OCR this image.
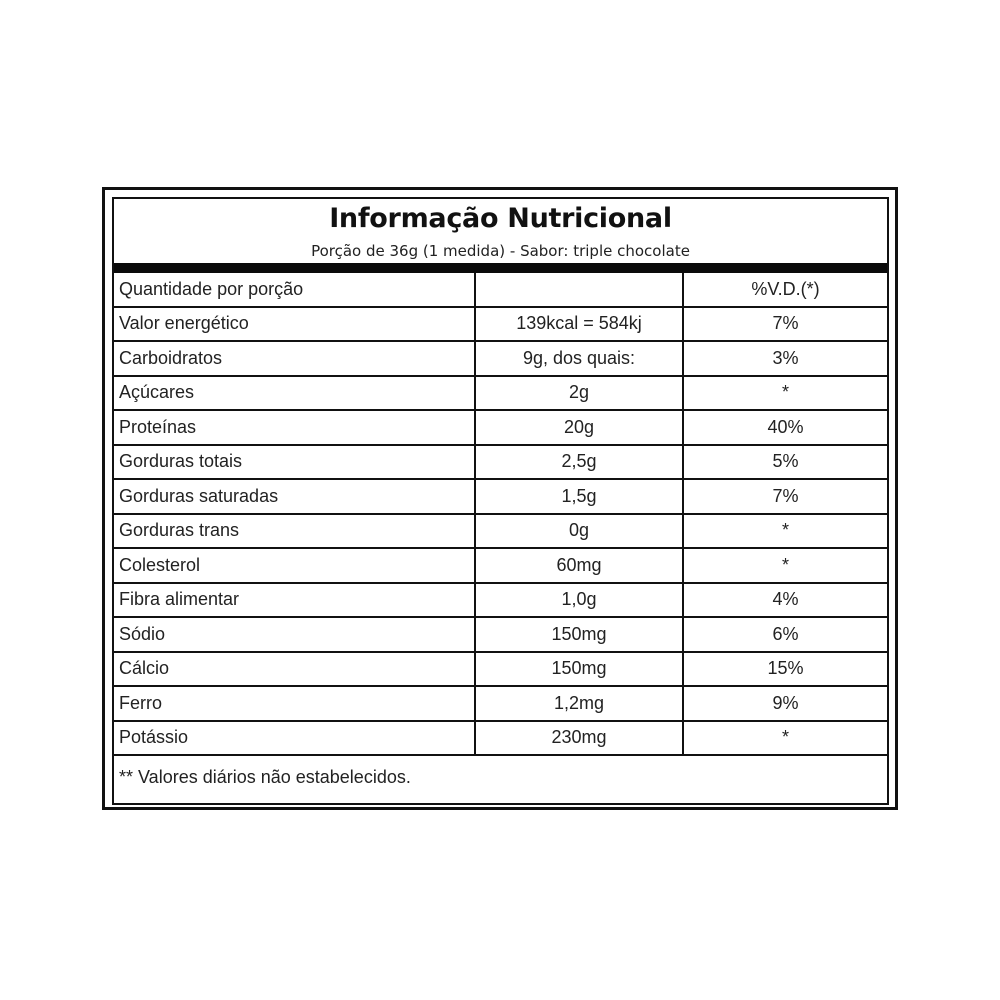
Informação Nutricional
Porção de 36g (1 medida) - Sabor: triple chocolate
Quantidade por porção		%V.D.(*)
Valor energético	139kcal = 584kj	7%
Carboidratos	9g, dos quais:	3%
Açúcares	2g	*
Proteínas	20g	40%
Gorduras totais	2,5g	5%
Gorduras saturadas	1,5g	7%
Gorduras trans	0g	*
Colesterol	60mg	*
Fibra alimentar	1,0g	4%
Sódio	150mg	6%
Cálcio	150mg	15%
Ferro	1,2mg	9%
Potássio	230mg	*
** Valores diários não estabelecidos.		
